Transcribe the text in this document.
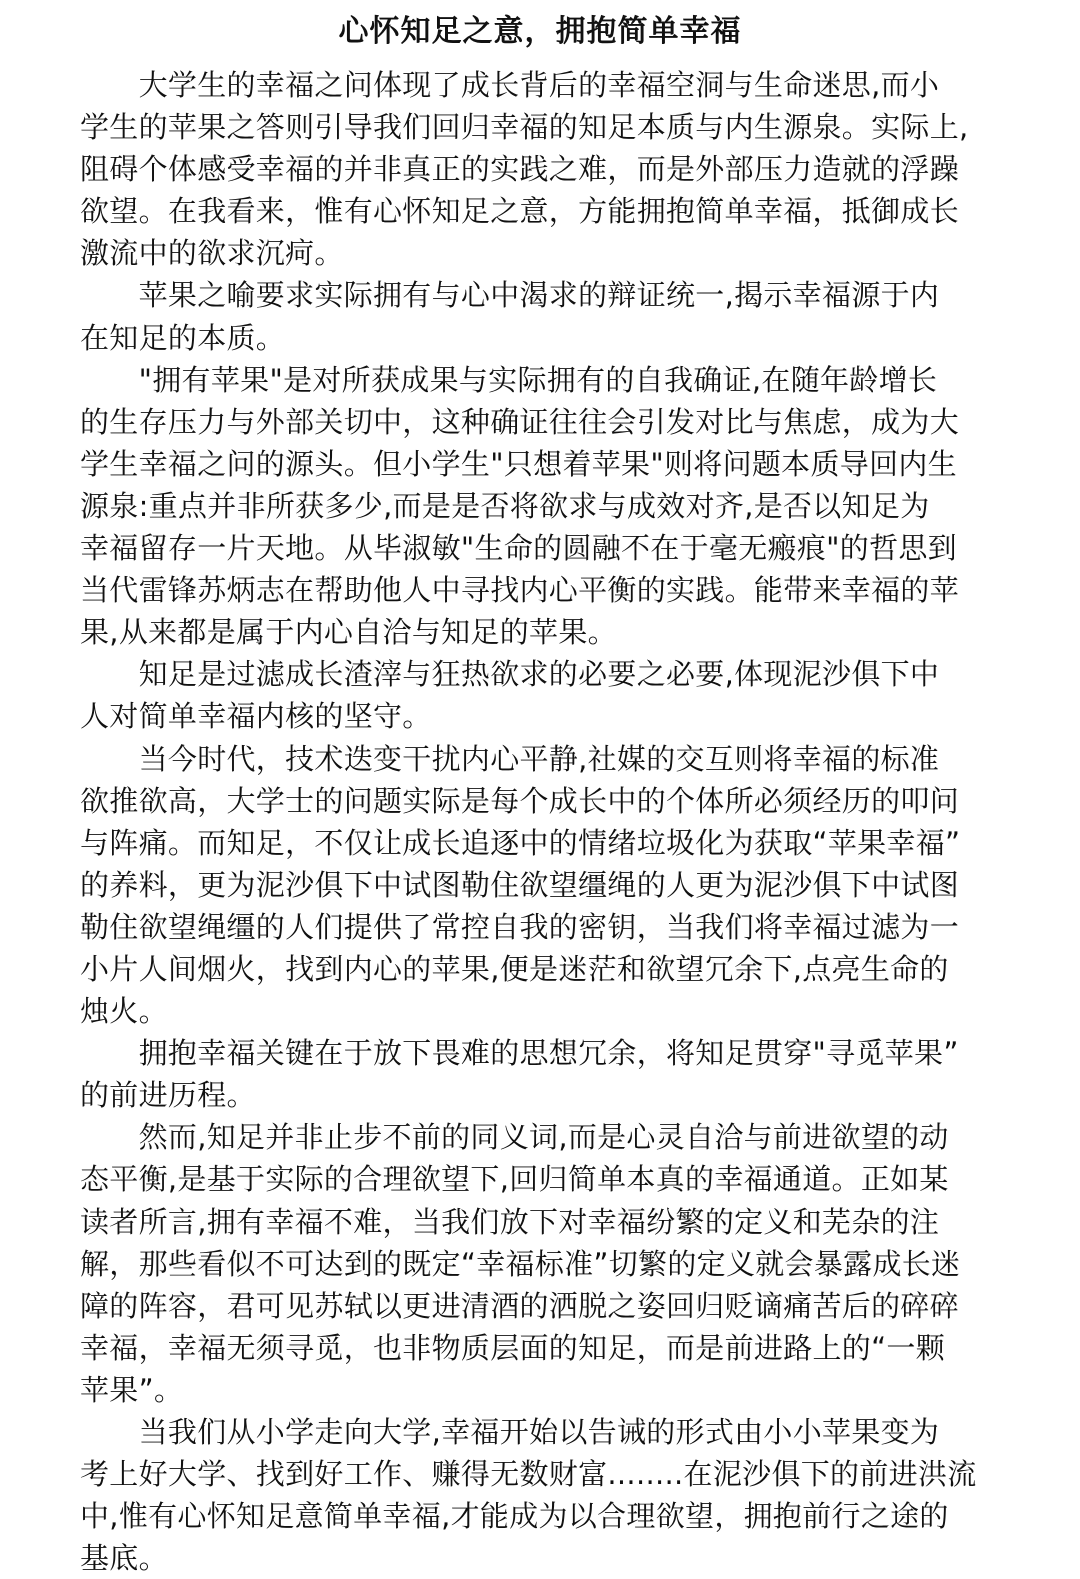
心怀知足之意，拥抱简单幸福
　　大学生的幸福之问体现了成长背后的幸福空洞与生命迷思,而小
学生的苹果之答则引导我们回归幸福的知足本质与内生源泉。实际上,
阻碍个体感受幸福的并非真正的实践之难，而是外部压力造就的浮躁
欲望。在我看来，惟有心怀知足之意，方能拥抱简单幸福，抵御成长
激流中的欲求沉疴。
　　苹果之喻要求实际拥有与心中渴求的辩证统一,揭示幸福源于内
在知足的本质。
　　"拥有苹果"是对所获成果与实际拥有的自我确证,在随年龄增长
的生存压力与外部关切中，这种确证往往会引发对比与焦虑，成为大
学生幸福之问的源头。但小学生"只想着苹果"则将问题本质导回内生
源泉:重点并非所获多少,而是是否将欲求与成效对齐,是否以知足为
幸福留存一片天地。从毕淑敏"生命的圆融不在于毫无瘢痕"的哲思到
当代雷锋苏炳志在帮助他人中寻找内心平衡的实践。能带来幸福的苹
果,从来都是属于内心自洽与知足的苹果。
　　知足是过滤成长渣滓与狂热欲求的必要之必要,体现泥沙俱下中
人对简单幸福内核的坚守。
　　当今时代，技术迭变干扰内心平静,社媒的交互则将幸福的标准
欲推欲高，大学士的问题实际是每个成长中的个体所必须经历的叩问
与阵痛。而知足，不仅让成长追逐中的情绪垃圾化为获取“苹果幸福”
的养料，更为泥沙俱下中试图勒住欲望缰绳的人更为泥沙俱下中试图
勒住欲望绳缰的人们提供了常控自我的密钥，当我们将幸福过滤为一
小片人间烟火，找到内心的苹果,便是迷茫和欲望冗余下,点亮生命的
烛火。
　　拥抱幸福关键在于放下畏难的思想冗余，将知足贯穿"寻觅苹果”
的前进历程。
　　然而,知足并非止步不前的同义词,而是心灵自洽与前进欲望的动
态平衡,是基于实际的合理欲望下,回归简单本真的幸福通道。正如某
读者所言,拥有幸福不难，当我们放下对幸福纷繁的定义和芜杂的注
解，那些看似不可达到的既定“幸福标准”切繁的定义就会暴露成长迷
障的阵容，君可见苏轼以更进清酒的洒脱之姿回归贬谪痛苦后的碎碎
幸福，幸福无须寻觅，也非物质层面的知足，而是前进路上的“一颗
苹果”。
　　当我们从小学走向大学,幸福开始以告诫的形式由小小苹果变为
考上好大学、找到好工作、赚得无数财富........在泥沙俱下的前进洪流
中,惟有心怀知足意简单幸福,才能成为以合理欲望，拥抱前行之途的
基底。
